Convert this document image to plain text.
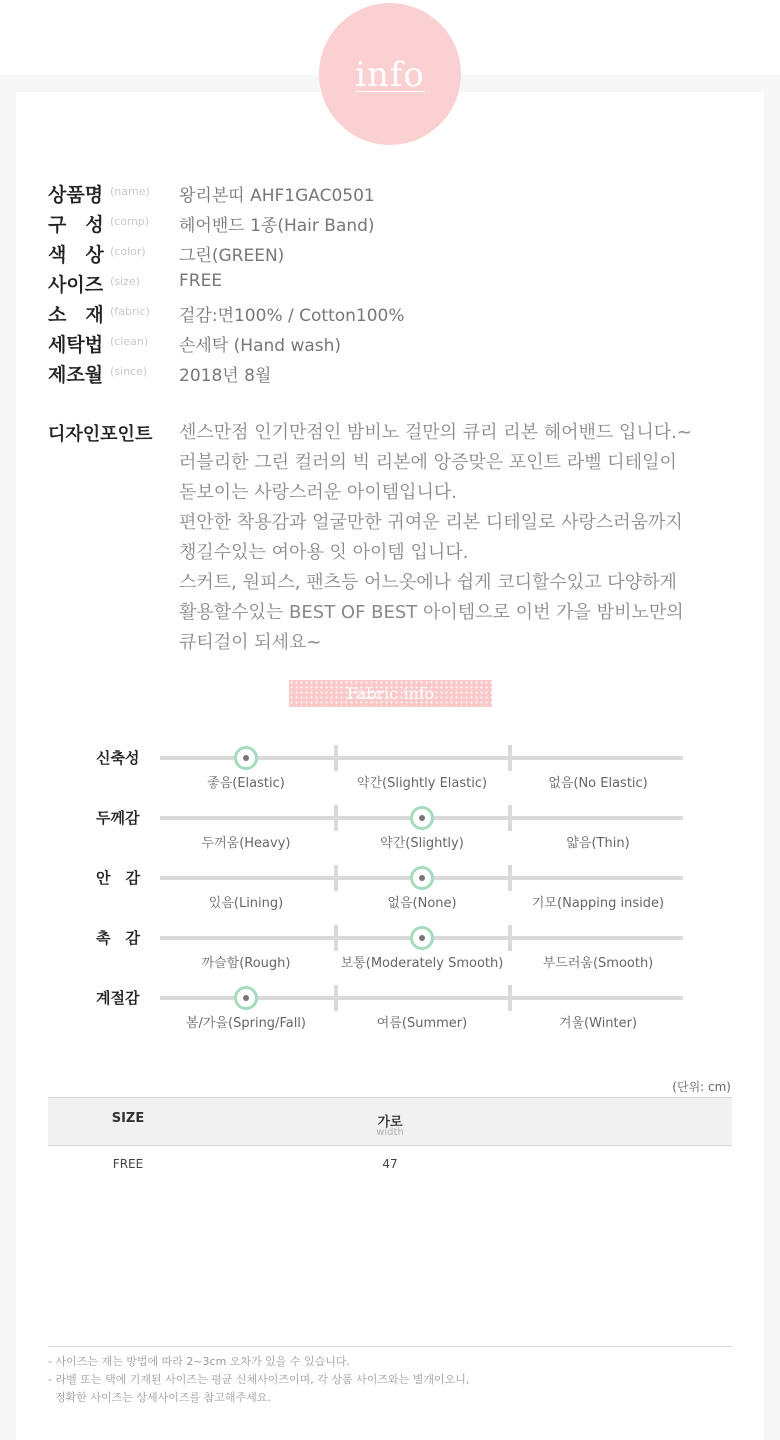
info
상품명 (name) 왕리본띠 AHF1GAC0501
구　성 (comp) 헤어밴드 1종(Hair Band)
색　상 (color) 그린(GREEN)
사이즈 (size) FREE
소　재 (fabric) 겉감:면100% / Cotton100%
세탁법 (clean) 손세탁 (Hand wash)
제조월 (since) 2018년 8월
디자인포인트 센스만점 인기만점인 밤비노 걸만의 큐리 리본 헤어밴드 입니다.~
러블리한 그린 컬러의 빅 리본에 앙증맞은 포인트 라벨 디테일이
돋보이는 사랑스러운 아이템입니다.
편안한 착용감과 얼굴만한 귀여운 리본 디테일로 사랑스러움까지
챙길수있는 여아용 잇 아이템 입니다.
스커트, 원피스, 팬츠등 어느옷에나 쉽게 코디할수있고 다양하게
활용할수있는 BEST OF BEST 아이템으로 이번 가을 밤비노만의
큐티걸이 되세요~
Fabric info
신축성
좋음(Elastic)	약간(Slightly Elastic)	없음(No Elastic)
두께감
두꺼움(Heavy)	약간(Slightly)	얇음(Thin)
안　감
있음(Lining)	없음(None)	기모(Napping inside)
촉　감
까슬함(Rough)	보통(Moderately Smooth)	부드러움(Smooth)
계절감
봄/가을(Spring/Fall)	여름(Summer)	겨울(Winter)
(단위: cm)
SIZE	가로
width
FREE	47
- 사이즈는 재는 방법에 따라 2~3cm 오차가 있을 수 있습니다.
- 라벨 또는 택에 기재된 사이즈는 평균 신체사이즈이며, 각 상품 사이즈와는 별개이오니,
정확한 사이즈는 상세사이즈를 참고해주세요.
